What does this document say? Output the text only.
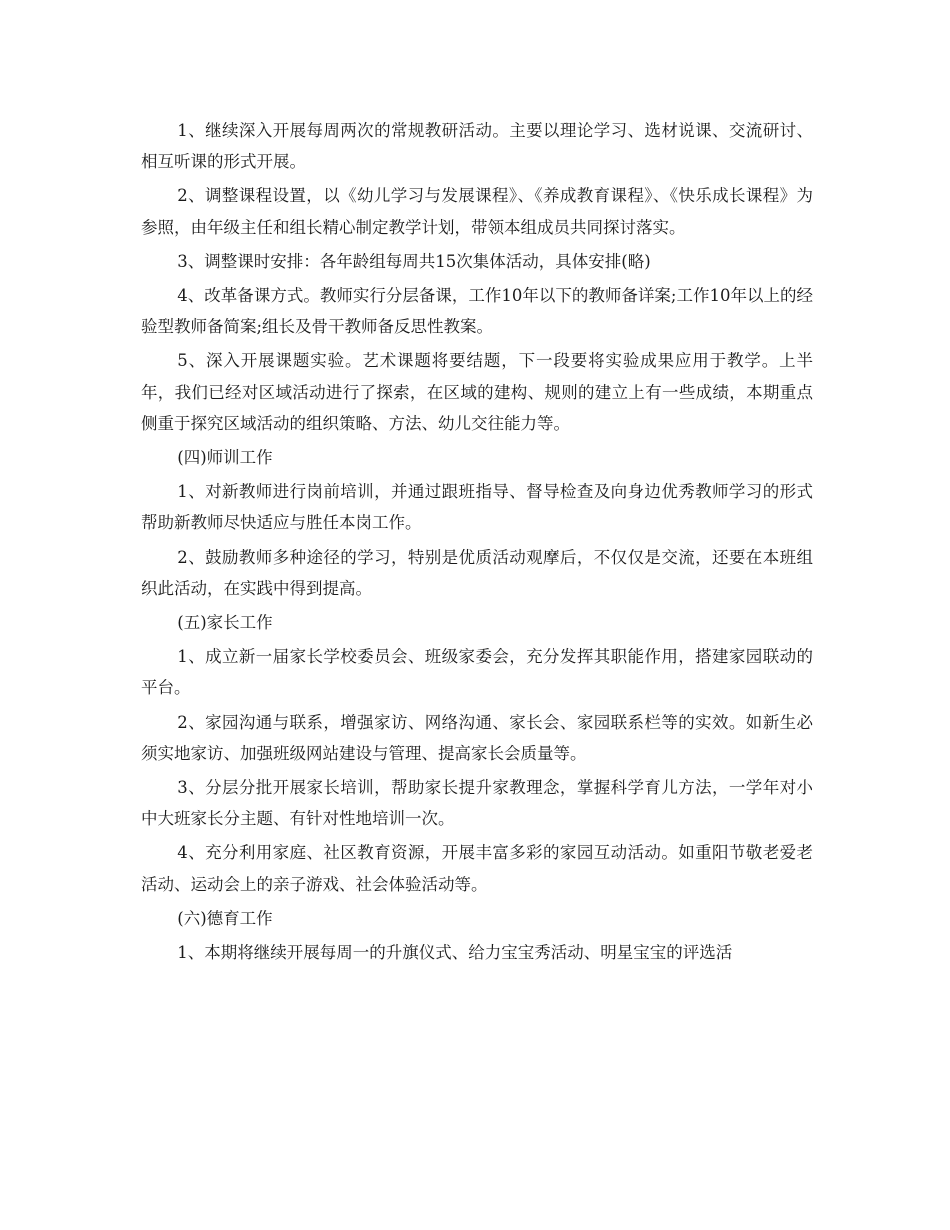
1、继续深入开展每周两次的常规教研活动。主要以理论学习、选材说课、交流研讨、相互听课的形式开展。

2、调整课程设置，以《幼儿学习与发展课程》、《养成教育课程》、《快乐成长课程》为参照，由年级主任和组长精心制定教学计划，带领本组成员共同探讨落实。

3、调整课时安排：各年龄组每周共15次集体活动，具体安排(略)

4、改革备课方式。教师实行分层备课，工作10年以下的教师备详案;工作10年以上的经验型教师备简案;组长及骨干教师备反思性教案。

5、深入开展课题实验。艺术课题将要结题，下一段要将实验成果应用于教学。上半年，我们已经对区域活动进行了探索，在区域的建构、规则的建立上有一些成绩，本期重点侧重于探究区域活动的组织策略、方法、幼儿交往能力等。

(四)师训工作

1、对新教师进行岗前培训，并通过跟班指导、督导检查及向身边优秀教师学习的形式帮助新教师尽快适应与胜任本岗工作。

2、鼓励教师多种途径的学习，特别是优质活动观摩后，不仅仅是交流，还要在本班组织此活动，在实践中得到提高。

(五)家长工作

1、成立新一届家长学校委员会、班级家委会，充分发挥其职能作用，搭建家园联动的平台。

2、家园沟通与联系，增强家访、网络沟通、家长会、家园联系栏等的实效。如新生必须实地家访、加强班级网站建设与管理、提高家长会质量等。

3、分层分批开展家长培训，帮助家长提升家教理念，掌握科学育儿方法，一学年对小中大班家长分主题、有针对性地培训一次。

4、充分利用家庭、社区教育资源，开展丰富多彩的家园互动活动。如重阳节敬老爱老活动、运动会上的亲子游戏、社会体验活动等。

(六)德育工作

1、本期将继续开展每周一的升旗仪式、给力宝宝秀活动、明星宝宝的评选活
